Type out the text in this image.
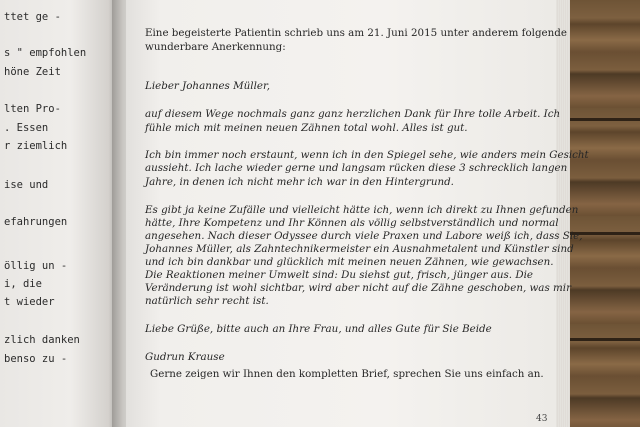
ttet ge -
s " empfohlen
höne Zeit
lten Pro-
. Essen
r ziemlich
ise und
efahrungen
öllig un -
i, die
t wieder
zlich danken
benso zu -
Eine begeisterte Patientin schrieb uns am 21. Juni 2015 unter anderem folgende
wunderbare Anerkennung:
Lieber Johannes Müller,
auf diesem Wege nochmals ganz ganz herzlichen Dank für Ihre tolle Arbeit. Ich
fühle mich mit meinen neuen Zähnen total wohl. Alles ist gut.
Ich bin immer noch erstaunt, wenn ich in den Spiegel sehe, wie anders mein Gesicht
aussieht. Ich lache wieder gerne und langsam rücken diese 3 schrecklich langen
Jahre, in denen ich nicht mehr ich war in den Hintergrund.
Es gibt ja keine Zufälle und vielleicht hätte ich, wenn ich direkt zu Ihnen gefunden
hätte, Ihre Kompetenz und Ihr Können als völlig selbstverständlich und normal
angesehen. Nach dieser Odyssee durch viele Praxen und Labore weiß ich, dass Sie,
Johannes Müller, als Zahntechnikermeister ein Ausnahmetalent und Künstler sind
und ich bin dankbar und glücklich mit meinen neuen Zähnen, wie gewachsen.
Die Reaktionen meiner Umwelt sind: Du siehst gut, frisch, jünger aus. Die
Veränderung ist wohl sichtbar, wird aber nicht auf die Zähne geschoben, was mir
natürlich sehr recht ist.
Liebe Grüße, bitte auch an Ihre Frau, und alles Gute für Sie Beide
Gudrun Krause
Gerne zeigen wir Ihnen den kompletten Brief, sprechen Sie uns einfach an.
43
